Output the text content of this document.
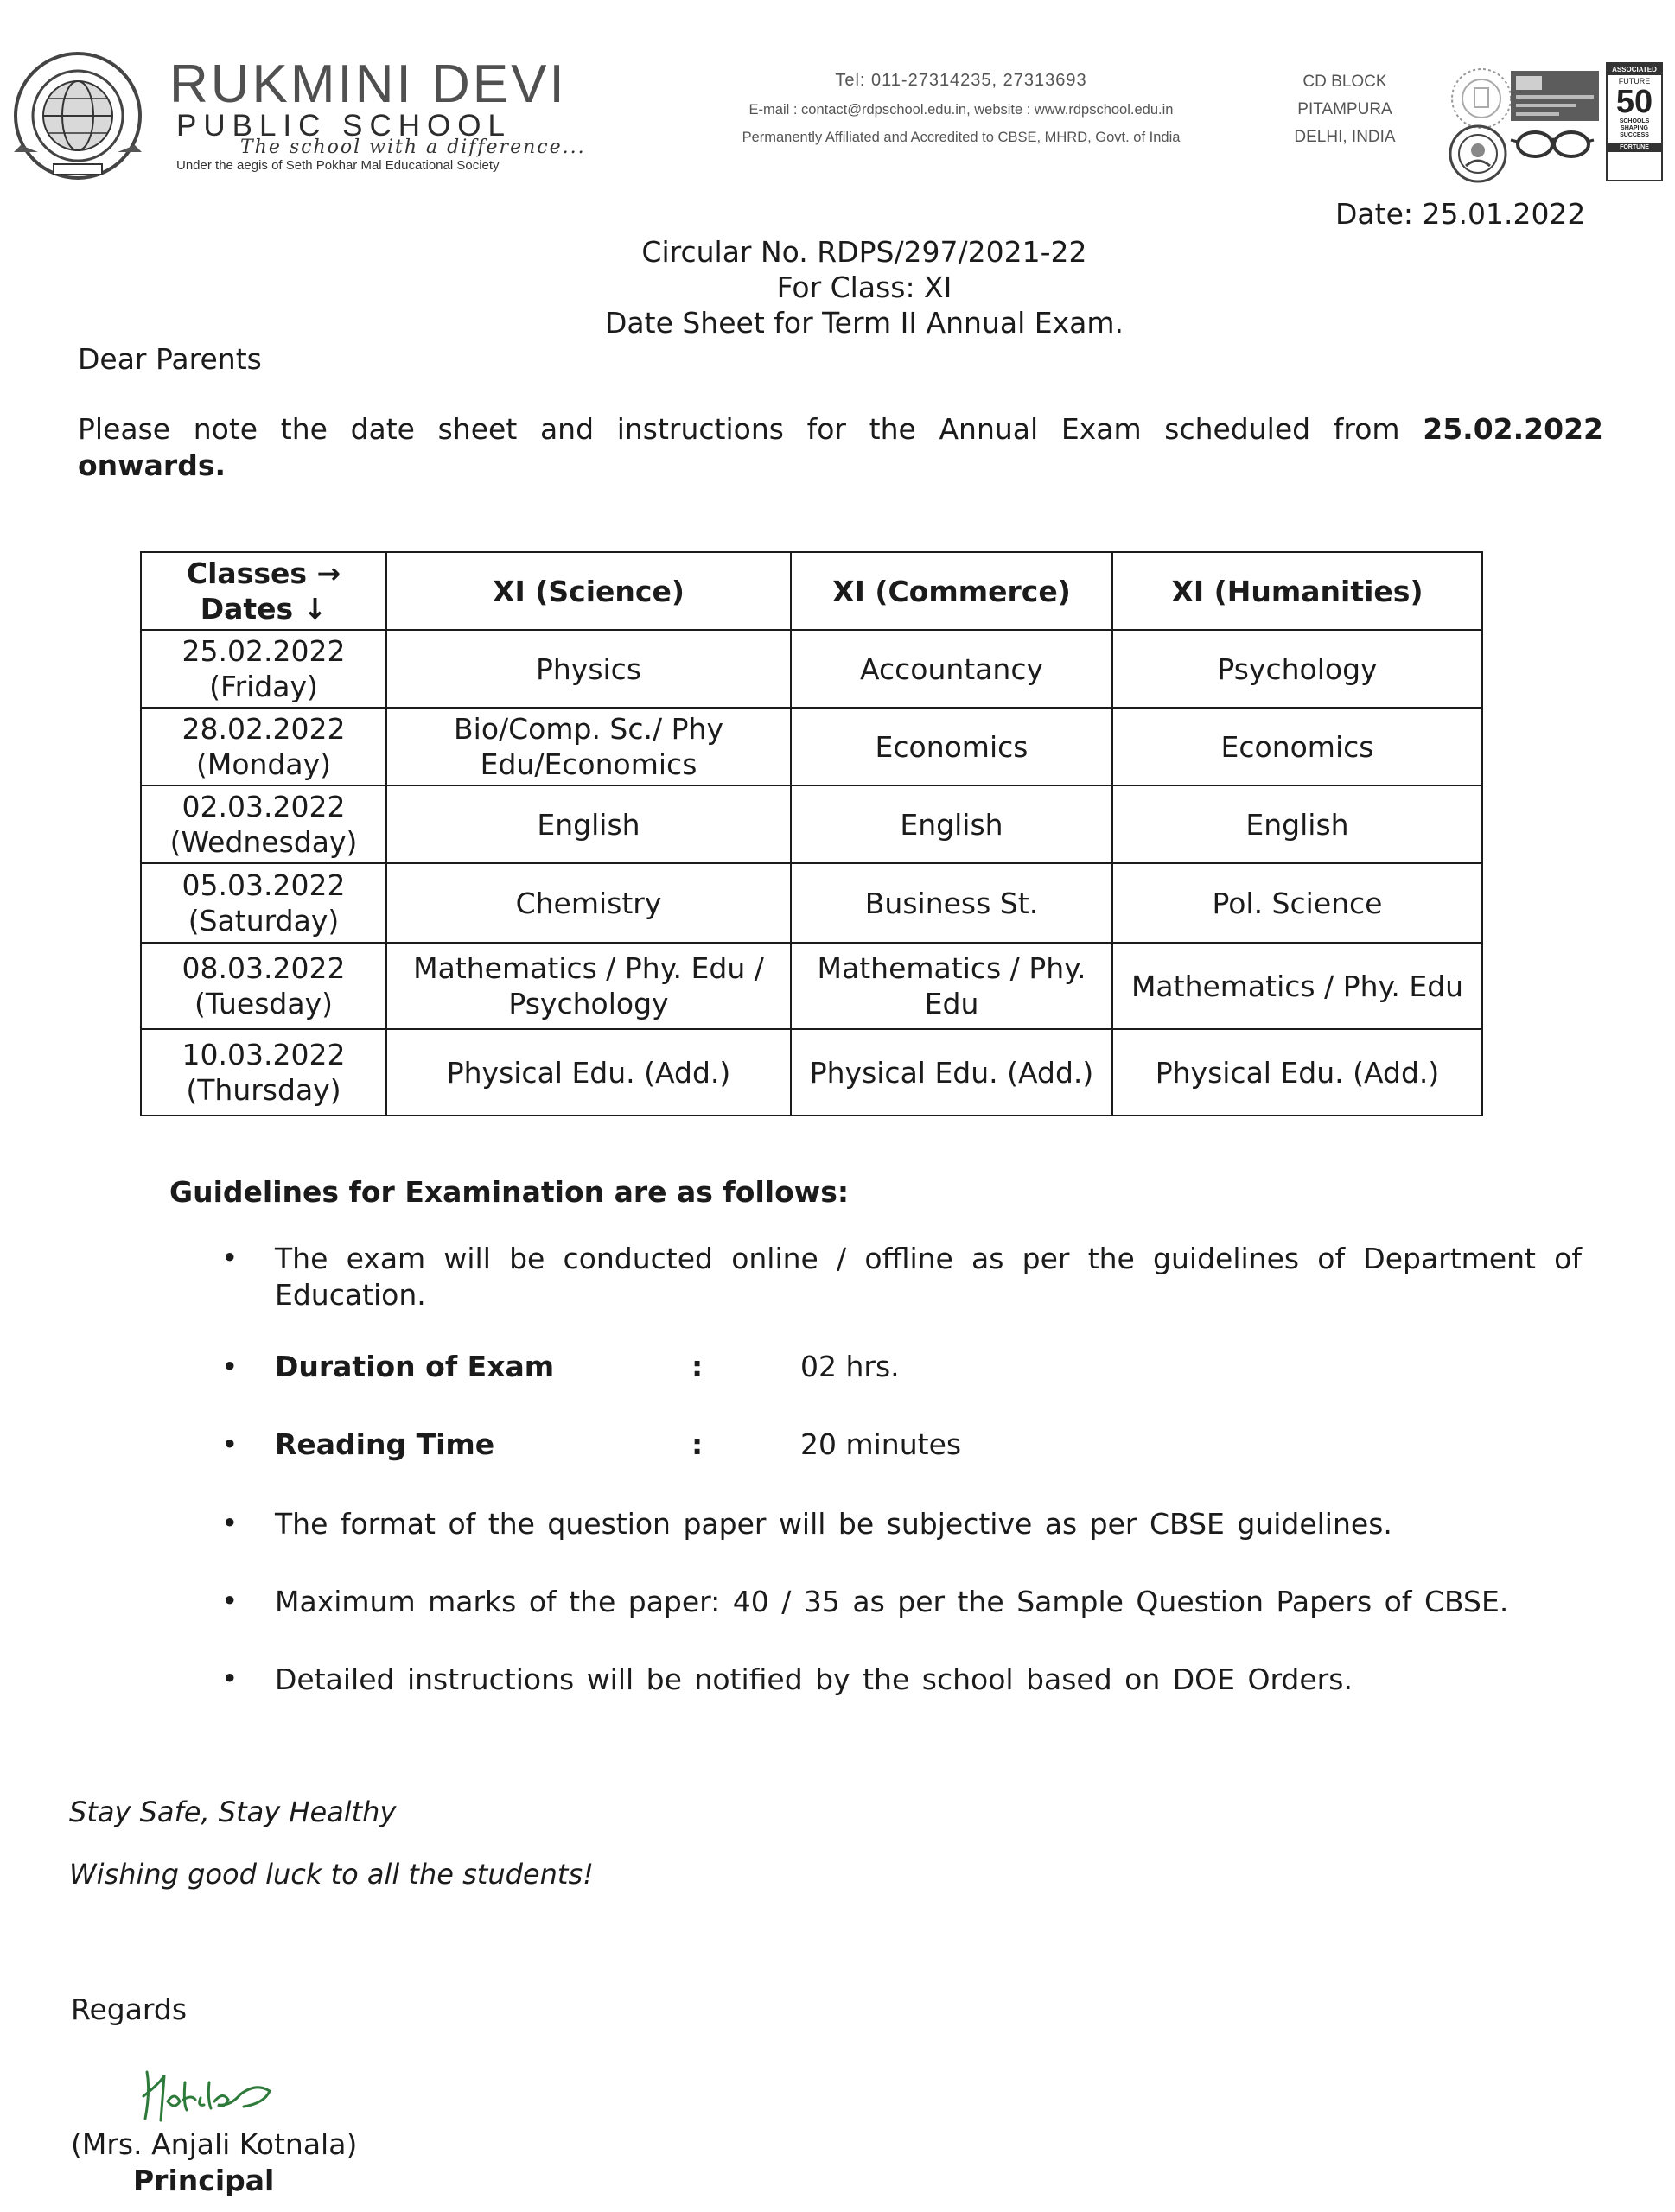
RUKMINI DEVI
PUBLIC SCHOOL
The school with a difference...
Under the aegis of Seth Pokhar Mal Educational Society
Tel: 011-27314235, 27313693
E-mail : contact@rdpschool.edu.in, website : www.rdpschool.edu.in
Permanently Affiliated and Accredited to CBSE, MHRD, Govt. of India
CD BLOCK
PITAMPURA
DELHI, INDIA
ASSOCIATED
FUTURE
50
SCHOOLS
SHAPING
SUCCESS
FORTUNE
Date: 25.01.2022
Circular No. RDPS/297/2021-22
For Class: XI
Date Sheet for Term II Annual Exam.
Dear Parents
Please note the date sheet and instructions for the Annual Exam scheduled from 25.02.2022 onwards.
Classes → Dates ↓	XI (Science)	XI (Commerce)	XI (Humanities)

25.02.2022
(Friday)	Physics	Accountancy	Psychology

28.02.2022
(Monday)	Bio/Comp. Sc./ Phy Edu/Economics	Economics	Economics

02.03.2022
(Wednesday)	English	English	English

05.03.2022
(Saturday)	Chemistry	Business St.	Pol. Science

08.03.2022
(Tuesday)	Mathematics / Phy. Edu / Psychology	Mathematics / Phy. Edu	Mathematics / Phy. Edu

10.03.2022
(Thursday)	Physical Edu. (Add.)	Physical Edu. (Add.)	Physical Edu. (Add.)
Guidelines for Examination are as follows:
• The exam will be conducted online / offline as per the guidelines of Department of Education.
• Duration of Exam	:	02 hrs.
• Reading Time	:	20 minutes
• The format of the question paper will be subjective as per CBSE guidelines.
• Maximum marks of the paper: 40 / 35 as per the Sample Question Papers of CBSE.
• Detailed instructions will be notified by the school based on DOE Orders.
Stay Safe, Stay Healthy
Wishing good luck to all the students!
Regards
(Mrs. Anjali Kotnala)
Principal
